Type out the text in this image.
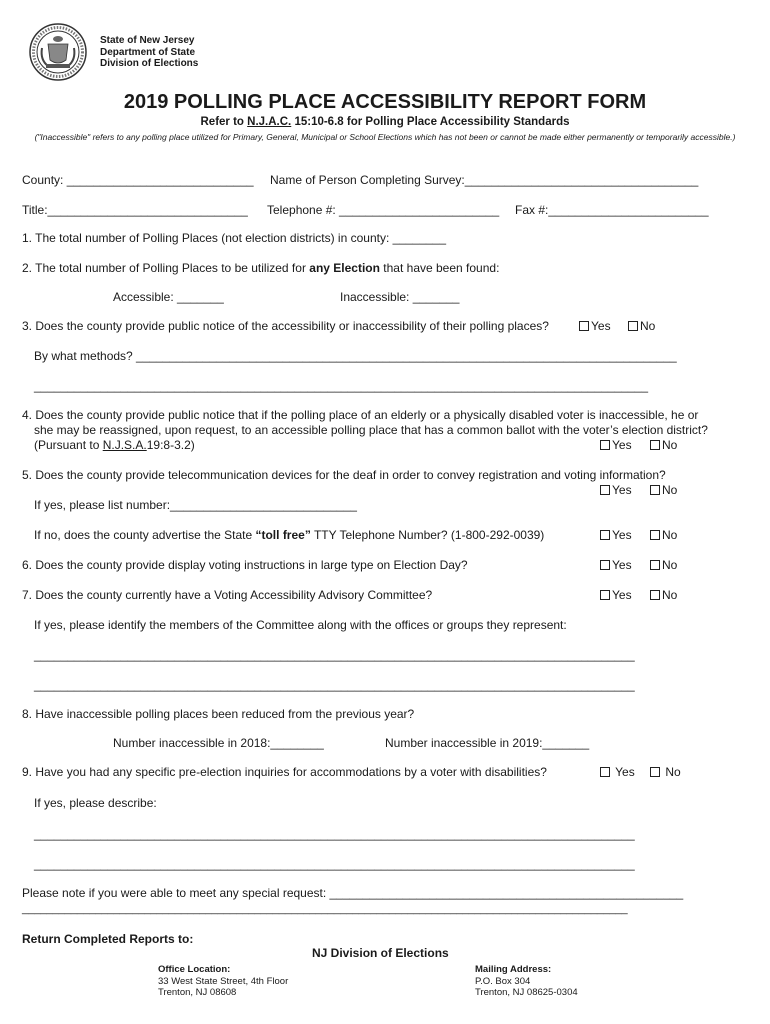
State of New Jersey
Department of State
Division of Elections
2019 POLLING PLACE ACCESSIBILITY REPORT FORM
Refer to N.J.A.C. 15:10-6.8 for Polling Place Accessibility Standards
("Inaccessible" refers to any polling place utilized for Primary, General, Municipal or School Elections which has not been or cannot be made either permanently or temporarily accessible.)
County: ____________________________ Name of Person Completing Survey:___________________________________
Title:______________________________ Telephone #: ________________________ Fax #:________________________
1. The total number of Polling Places (not election districts) in county: ________
2. The total number of Polling Places to be utilized for any Election that have been found:
Accessible: _______	Inaccessible: _______
3. Does the county provide public notice of the accessibility or inaccessibility of their polling places?	Yes	No
By what methods? _________________________________________________________________________________
____________________________________________________________________________________________
4. Does the county provide public notice that if the polling place of an elderly or a physically disabled voter is inaccessible, he or
she may be reassigned, upon request, to an accessible polling place that has a common ballot with the voter’s election district?
(Pursuant to N.J.S.A.19:8-3.2)	Yes	No
5. Does the county provide telecommunication devices for the deaf in order to convey registration and voting information?
Yes	No
If yes, please list number:____________________________
If no, does the county advertise the State “toll free” TTY Telephone Number? (1-800-292-0039)	Yes	No
6. Does the county provide display voting instructions in large type on Election Day?	Yes	No
7. Does the county currently have a Voting Accessibility Advisory Committee?	Yes	No
If yes, please identify the members of the Committee along with the offices or groups they represent:
__________________________________________________________________________________________
__________________________________________________________________________________________
8. Have inaccessible polling places been reduced from the previous year?
Number inaccessible in 2018:________	Number inaccessible in 2019:_______
9. Have you had any specific pre-election inquiries for accommodations by a voter with disabilities?	Yes	No
If yes, please describe:
__________________________________________________________________________________________
__________________________________________________________________________________________
Please note if you were able to meet any special request: _____________________________________________________
___________________________________________________________________________________________________
Return Completed Reports to:
NJ Division of Elections
Office Location:
33 West State Street, 4th Floor
Trenton, NJ 08608
Mailing Address:
P.O. Box 304
Trenton, NJ 08625-0304
